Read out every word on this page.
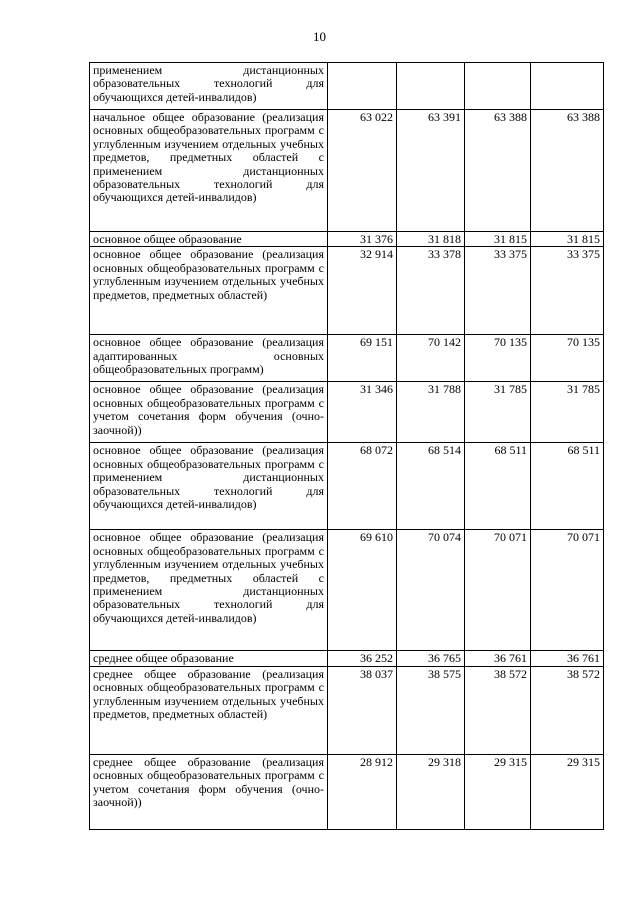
10
применением дистанционных образовательных технологий для обучающихся детей-инвалидов)				
начальное общее образование (реализация основных общеобразовательных программ с углубленным изучением отдельных учебных предметов, предметных областей с применением дистанционных образовательных технологий для обучающихся детей-инвалидов)	63 022	63 391	63 388	63 388
основное общее образование	31 376	31 818	31 815	31 815
основное общее образование (реализация основных общеобразовательных программ с углубленным изучением отдельных учебных предметов, предметных областей)	32 914	33 378	33 375	33 375
основное общее образование (реализация адаптированных основных общеобразовательных программ)	69 151	70 142	70 135	70 135
основное общее образование (реализация основных общеобразовательных программ с учетом сочетания форм обучения (очно-заочной))	31 346	31 788	31 785	31 785
основное общее образование (реализация основных общеобразовательных программ с применением дистанционных образовательных технологий для обучающихся детей-инвалидов)	68 072	68 514	68 511	68 511
основное общее образование (реализация основных общеобразовательных программ с углубленным изучением отдельных учебных предметов, предметных областей с применением дистанционных образовательных технологий для обучающихся детей-инвалидов)	69 610	70 074	70 071	70 071
среднее общее образование	36 252	36 765	36 761	36 761
среднее общее образование (реализация основных общеобразовательных программ с углубленным изучением отдельных учебных предметов, предметных областей)	38 037	38 575	38 572	38 572
среднее общее образование (реализация основных общеобразовательных программ с учетом сочетания форм обучения (очно-заочной))	28 912	29 318	29 315	29 315
